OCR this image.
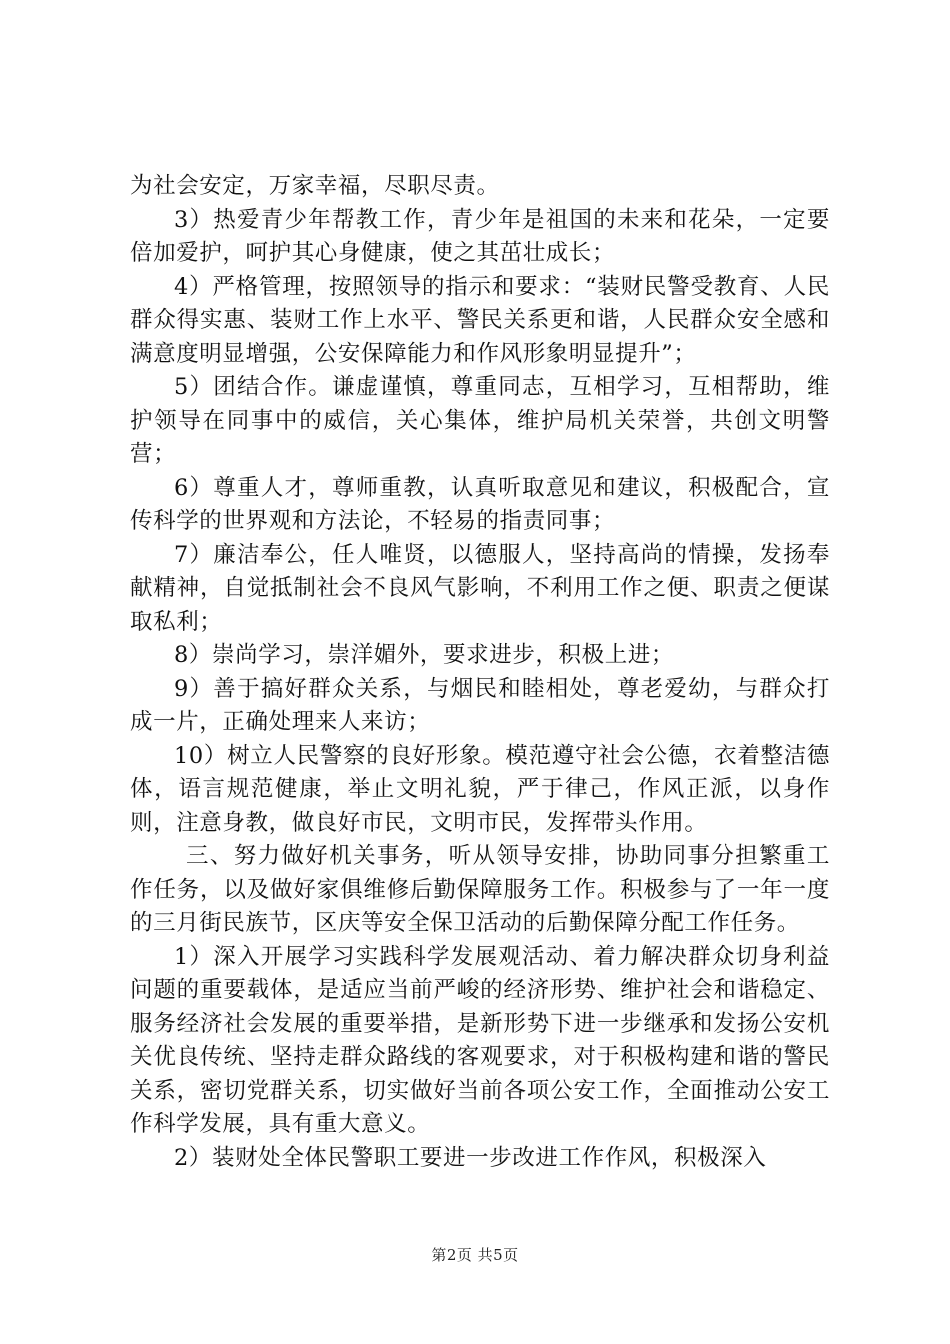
为社会安定，万家幸福，尽职尽责。

3）热爱青少年帮教工作，青少年是祖国的未来和花朵，一定要倍加爱护，呵护其心身健康，使之其茁壮成长；

4）严格管理，按照领导的指示和要求：“装财民警受教育、人民群众得实惠、装财工作上水平、警民关系更和谐，人民群众安全感和满意度明显增强，公安保障能力和作风形象明显提升”；

5）团结合作。谦虚谨慎，尊重同志，互相学习，互相帮助，维护领导在同事中的威信，关心集体，维护局机关荣誉，共创文明警营；

6）尊重人才，尊师重教，认真听取意见和建议，积极配合，宣传科学的世界观和方法论，不轻易的指责同事；

7）廉洁奉公，任人唯贤，以德服人，坚持高尚的情操，发扬奉献精神，自觉抵制社会不良风气影响，不利用工作之便、职责之便谋取私利；

8）崇尚学习，崇洋媚外，要求进步，积极上进；

9）善于搞好群众关系，与烟民和睦相处，尊老爱幼，与群众打成一片，正确处理来人来访；

10）树立人民警察的良好形象。模范遵守社会公德，衣着整洁德体，语言规范健康，举止文明礼貌，严于律己，作风正派，以身作则，注意身教，做良好市民，文明市民，发挥带头作用。

三、努力做好机关事务，听从领导安排，协助同事分担繁重工作任务，以及做好家俱维修后勤保障服务工作。积极参与了一年一度的三月街民族节，区庆等安全保卫活动的后勤保障分配工作任务。

1）深入开展学习实践科学发展观活动、着力解决群众切身利益问题的重要载体，是适应当前严峻的经济形势、维护社会和谐稳定、服务经济社会发展的重要举措，是新形势下进一步继承和发扬公安机关优良传统、坚持走群众路线的客观要求，对于积极构建和谐的警民关系，密切党群关系，切实做好当前各项公安工作，全面推动公安工作科学发展，具有重大意义。

2）装财处全体民警职工要进一步改进工作作风，积极深入

第2页 共5页
